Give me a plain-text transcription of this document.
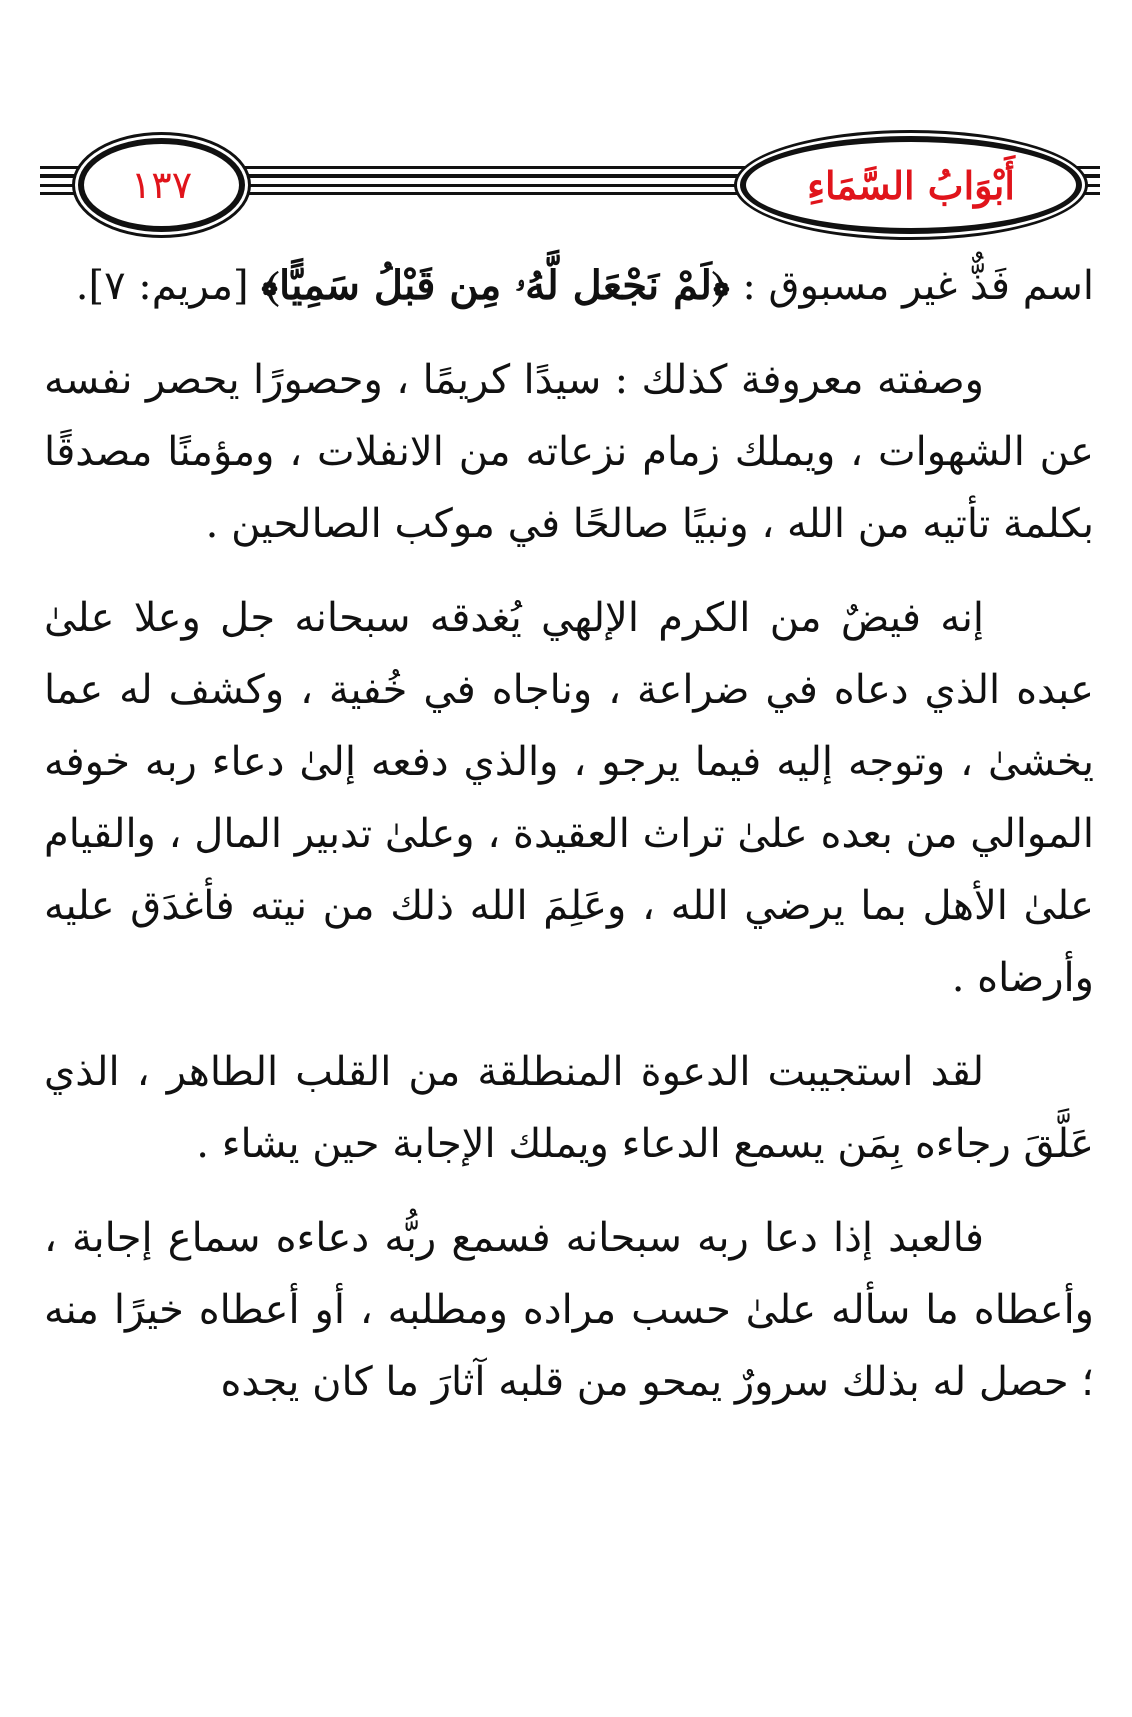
١٣٧	أَبْوَابُ السَّمَاءِ

اسم فَذٌّ غير مسبوق : ﴿لَمْ نَجْعَل لَّهُۥ مِن قَبْلُ سَمِيًّا﴾ [مريم: ٧].

وصفته معروفة كذلك : سيدًا كريمًا ، وحصورًا يحصر نفسه عن الشهوات ، ويملك زمام نزعاته من الانفلات ، ومؤمنًا مصدقًا بكلمة تأتيه من الله ، ونبيًا صالحًا في موكب الصالحين .

إنه فيضٌ من الكرم الإلهي يُغدقه سبحانه جل وعلا علىٰ عبده الذي دعاه في ضراعة ، وناجاه في خُفية ، وكشف له عما يخشىٰ ، وتوجه إليه فيما يرجو ، والذي دفعه إلىٰ دعاء ربه خوفه الموالي من بعده علىٰ تراث العقيدة ، وعلىٰ تدبير المال ، والقيام علىٰ الأهل بما يرضي الله ، وعَلِمَ الله ذلك من نيته فأغدَق عليه وأرضاه .

لقد استجيبت الدعوة المنطلقة من القلب الطاهر ، الذي عَلَّقَ رجاءه بِمَن يسمع الدعاء ويملك الإجابة حين يشاء .

فالعبد إذا دعا ربه سبحانه فسمع ربُّه دعاءه سماع إجابة ، وأعطاه ما سأله علىٰ حسب مراده ومطلبه ، أو أعطاه خيرًا منه ؛ حصل له بذلك سرورٌ يمحو من قلبه آثارَ ما كان يجده
